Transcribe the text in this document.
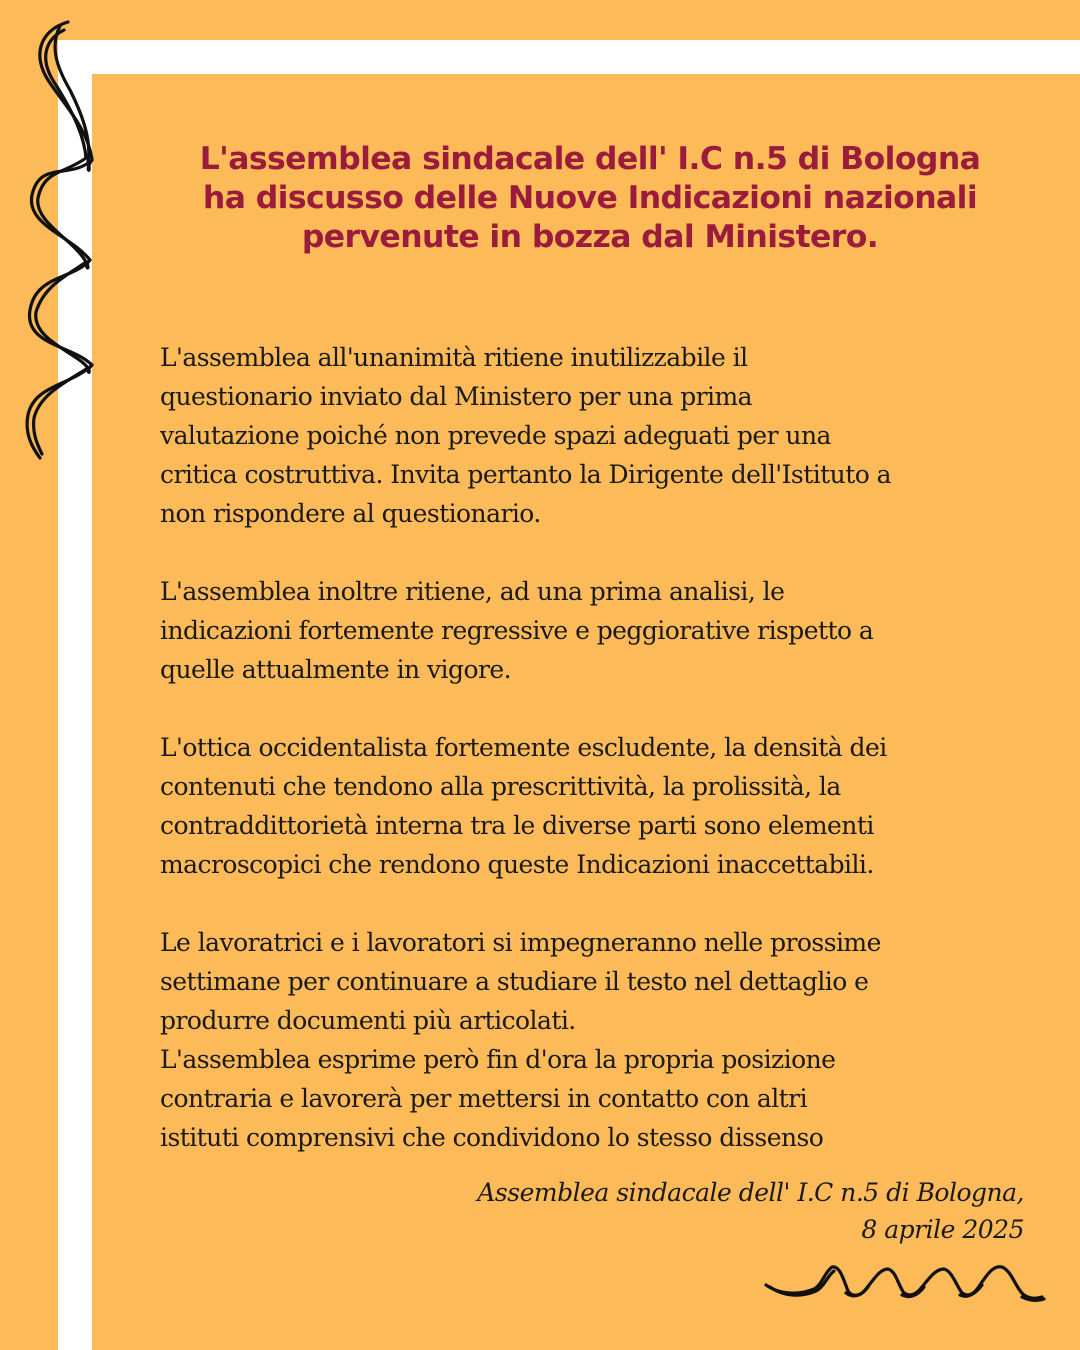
L'assemblea sindacale dell' I.C n.5 di Bologna
ha discusso delle Nuove Indicazioni nazionali
pervenute in bozza dal Ministero.

L'assemblea all'unanimità ritiene inutilizzabile il
questionario inviato dal Ministero per una prima
valutazione poiché non prevede spazi adeguati per una
critica costruttiva. Invita pertanto la Dirigente dell'Istituto a
non rispondere al questionario.

L'assemblea inoltre ritiene, ad una prima analisi, le
indicazioni fortemente regressive e peggiorative rispetto a
quelle attualmente in vigore.

L'ottica occidentalista fortemente escludente, la densità dei
contenuti che tendono alla prescrittività, la prolissità, la
contraddittorietà interna tra le diverse parti sono elementi
macroscopici che rendono queste Indicazioni inaccettabili.

Le lavoratrici e i lavoratori si impegneranno nelle prossime
settimane per continuare a studiare il testo nel dettaglio e
produrre documenti più articolati.
L'assemblea esprime però fin d'ora la propria posizione
contraria e lavorerà per mettersi in contatto con altri
istituti comprensivi che condividono lo stesso dissenso

Assemblea sindacale dell' I.C n.5 di Bologna,
8 aprile 2025
